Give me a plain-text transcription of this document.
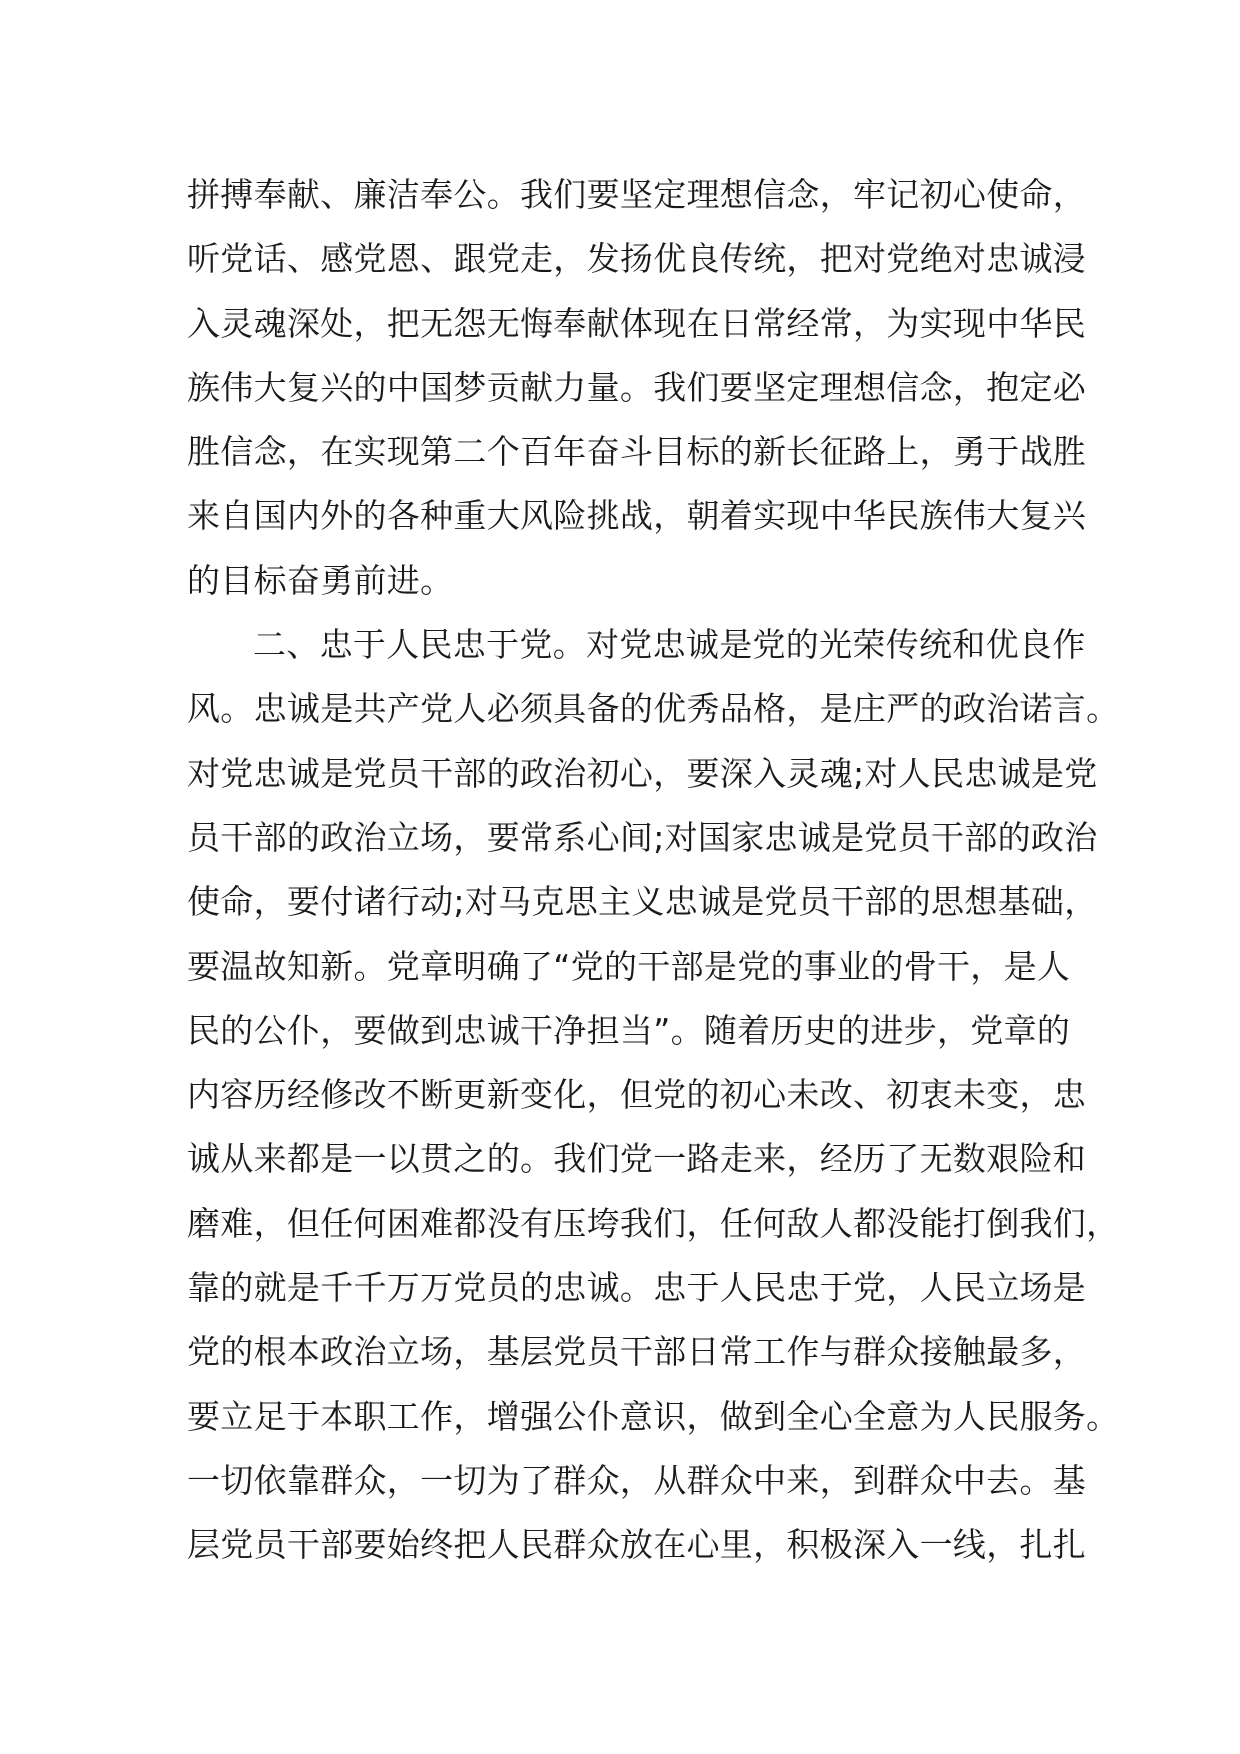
拼搏奉献、廉洁奉公。我们要坚定理想信念，牢记初心使命，
听党话、感党恩、跟党走，发扬优良传统，把对党绝对忠诚浸
入灵魂深处，把无怨无悔奉献体现在日常经常，为实现中华民
族伟大复兴的中国梦贡献力量。我们要坚定理想信念，抱定必
胜信念，在实现第二个百年奋斗目标的新长征路上，勇于战胜
来自国内外的各种重大风险挑战，朝着实现中华民族伟大复兴
的目标奋勇前进。
二、忠于人民忠于党。对党忠诚是党的光荣传统和优良作
风。忠诚是共产党人必须具备的优秀品格，是庄严的政治诺言。
对党忠诚是党员干部的政治初心，要深入灵魂;对人民忠诚是党
员干部的政治立场，要常系心间;对国家忠诚是党员干部的政治
使命，要付诸行动;对马克思主义忠诚是党员干部的思想基础，
要温故知新。党章明确了“党的干部是党的事业的骨干，是人
民的公仆，要做到忠诚干净担当”。随着历史的进步，党章的
内容历经修改不断更新变化，但党的初心未改、初衷未变，忠
诚从来都是一以贯之的。我们党一路走来，经历了无数艰险和
磨难，但任何困难都没有压垮我们，任何敌人都没能打倒我们，
靠的就是千千万万党员的忠诚。忠于人民忠于党，人民立场是
党的根本政治立场，基层党员干部日常工作与群众接触最多，
要立足于本职工作，增强公仆意识，做到全心全意为人民服务。
一切依靠群众，一切为了群众，从群众中来，到群众中去。基
层党员干部要始终把人民群众放在心里，积极深入一线，扎扎
